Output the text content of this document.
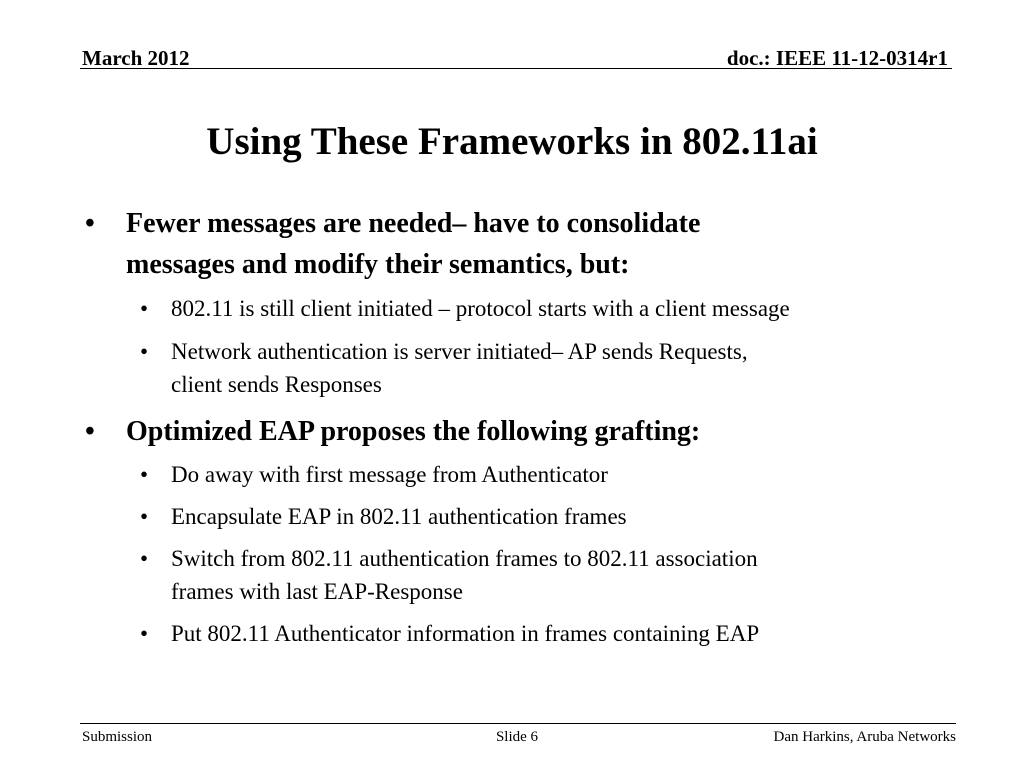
March 2012	doc.: IEEE 11-12-0314r1
Using These Frameworks in 802.11ai
• Fewer messages are needed– have to consolidate
messages and modify their semantics, but:
• 802.11 is still client initiated – protocol starts with a client message
• Network authentication is server initiated– AP sends Requests,
client sends Responses
• Optimized EAP proposes the following grafting:
• Do away with first message from Authenticator
• Encapsulate EAP in 802.11 authentication frames
• Switch from 802.11 authentication frames to 802.11 association
frames with last EAP-Response
• Put 802.11 Authenticator information in frames containing EAP
Submission	Slide 6	Dan Harkins, Aruba Networks
